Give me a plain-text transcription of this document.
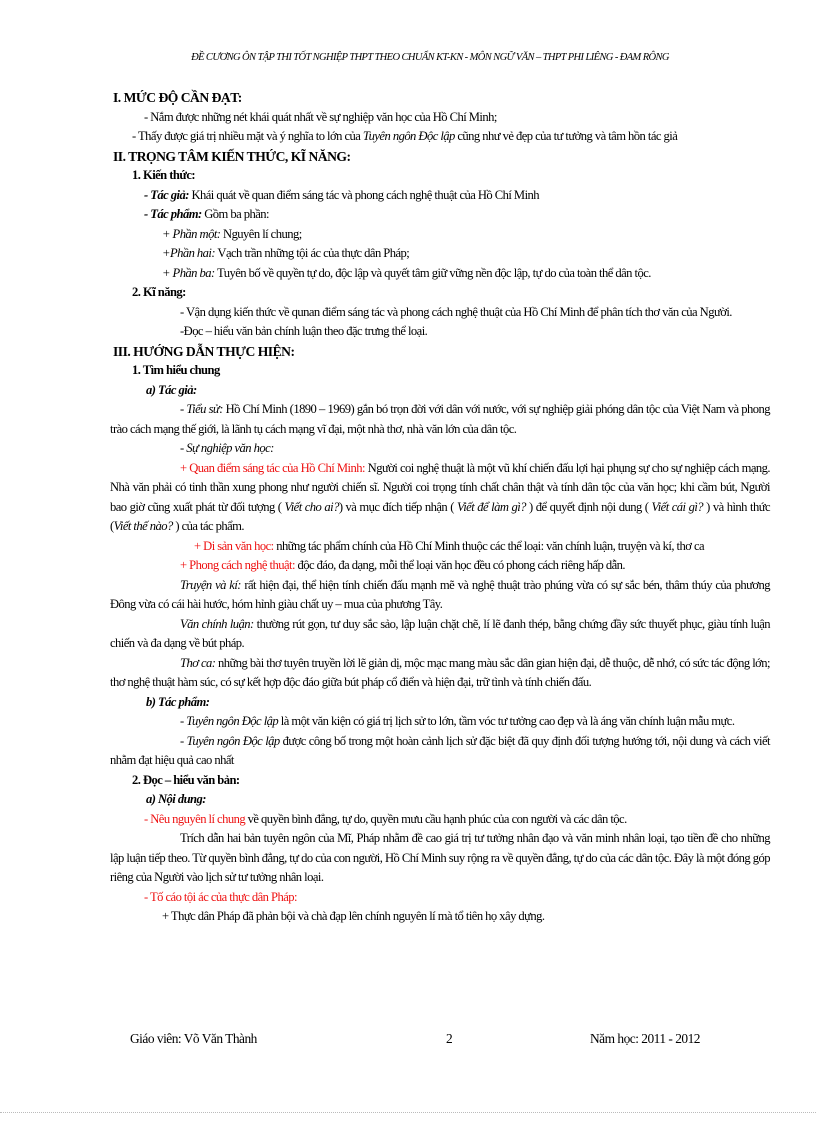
ĐỀ CƯƠNG ÔN TẬP THI TỐT NGHIỆP THPT THEO CHUẨN KT-KN - MÔN NGỮ VĂN – THPT PHI LIÊNG - ĐAM RÔNG

I. MỨC ĐỘ CẦN ĐẠT:

- Nắm được những nét khái quát nhất về sự nghiệp văn học của Hồ Chí Minh;

- Thấy được giá trị nhiều mặt và ý nghĩa to lớn của Tuyên ngôn Độc lập cũng như vẻ đẹp của tư tưởng và tâm hồn tác giả

II. TRỌNG TÂM KIẾN THỨC, KĨ NĂNG:

1. Kiến thức:

- Tác giả: Khái quát về quan điểm sáng tác và phong cách nghệ thuật của Hồ Chí Minh

- Tác phẩm: Gồm ba phần:

+ Phần một: Nguyên lí chung;

+Phần hai: Vạch trần những tội ác của thực dân Pháp;

+ Phần ba: Tuyên bố về quyền tự do, độc lập và quyết tâm giữ vững nền độc lập, tự do của toàn thể dân tộc.

2. Kĩ năng:

- Vận dụng kiến thức về qunan điểm sáng tác và phong cách nghệ thuật của Hồ Chí Minh để phân tích thơ văn của Người.

-Đọc – hiểu văn bản chính luận theo đặc trưng thể loại.

III. HƯỚNG DẪN THỰC HIỆN:

1. Tìm hiểu chung

a) Tác giả:

- Tiểu sử: Hồ Chí Minh (1890 – 1969) gắn bó trọn đời với dân với nước, với sự nghiệp giải phóng dân tộc của Việt Nam và phong trào cách mạng thế giới, là lãnh tụ cách mạng vĩ đại, một nhà thơ, nhà văn lớn của dân tộc.

- Sự nghiệp văn học:

+ Quan điểm sáng tác của Hồ Chí Minh: Người coi nghệ thuật là một vũ khí chiến đấu lợi hại phụng sự cho sự nghiệp cách mạng. Nhà văn phải có tinh thần xung phong như người chiến sĩ. Người coi trọng tính chất chân thật và tính dân tộc của văn học; khi cầm bút, Người bao giờ cũng xuất phát từ đối tượng ( Viết cho ai?) và mục đích tiếp nhận ( Viết để làm gì? ) để quyết định nội dung ( Viết cái gì? ) và hình thức (Viết thế nào? ) của tác phẩm.

+ Di sản văn học: những tác phẩm chính của Hồ Chí Minh thuộc các thể loại: văn chính luận, truyện và kí, thơ ca

+ Phong cách nghệ thuật: độc đáo, đa dạng, mỗi thể loại văn học đều có phong cách riêng hấp dẫn.

Truyện và kí: rất hiện đại, thể hiện tính chiến đấu mạnh mẽ và nghệ thuật trào phúng vừa có sự sắc bén, thâm thúy của phương Đông vừa có cái hài hước, hóm hỉnh giàu chất uy – mua của phương Tây.

Văn chính luận: thường rút gọn, tư duy sắc sảo, lập luận chặt chẽ, lí lẽ đanh thép, bằng chứng đầy sức thuyết phục, giàu tính luận chiến và đa dạng về bút pháp.

Thơ ca: những bài thơ tuyên truyền lời lẽ giản dị, mộc mạc mang màu sắc dân gian hiện đại, dễ thuộc, dễ nhớ, có sức tác động lớn; thơ nghệ thuật hàm súc, có sự kết hợp độc đáo giữa bút pháp cổ điển và hiện đại, trữ tình và tính chiến đấu.

b) Tác phẩm:

- Tuyên ngôn Độc lập là một văn kiện có giá trị lịch sử to lớn, tầm vóc tư tưởng cao đẹp và là áng văn chính luận mẫu mực.

- Tuyên ngôn Độc lập được công bố trong một hoàn cảnh lịch sử đặc biệt đã quy định đối tượng hướng tới, nội dung và cách viết nhằm đạt hiệu quả cao nhất

2. Đọc – hiểu văn bản:

a) Nội dung:

- Nêu nguyên lí chung về quyền bình đẳng, tự do, quyền mưu cầu hạnh phúc của con người và các dân tộc.

Trích dẫn hai bản tuyên ngôn của Mĩ, Pháp nhằm đề cao giá trị tư tưởng nhân đạo và văn minh nhân loại, tạo tiền đề cho những lập luận tiếp theo. Từ quyền bình đẳng, tự do của con người, Hồ Chí Minh suy rộng ra về quyền đẳng, tự do của các dân tộc. Đây là một đóng góp riêng của Người vào lịch sử tư tưởng nhân loại.

- Tố cáo tội ác của thực dân Pháp:

+ Thực dân Pháp đã phản bội và chà đạp lên chính nguyên lí mà tổ tiên họ xây dựng.

Giáo viên: Võ Văn Thành	2	Năm học: 2011 - 2012
